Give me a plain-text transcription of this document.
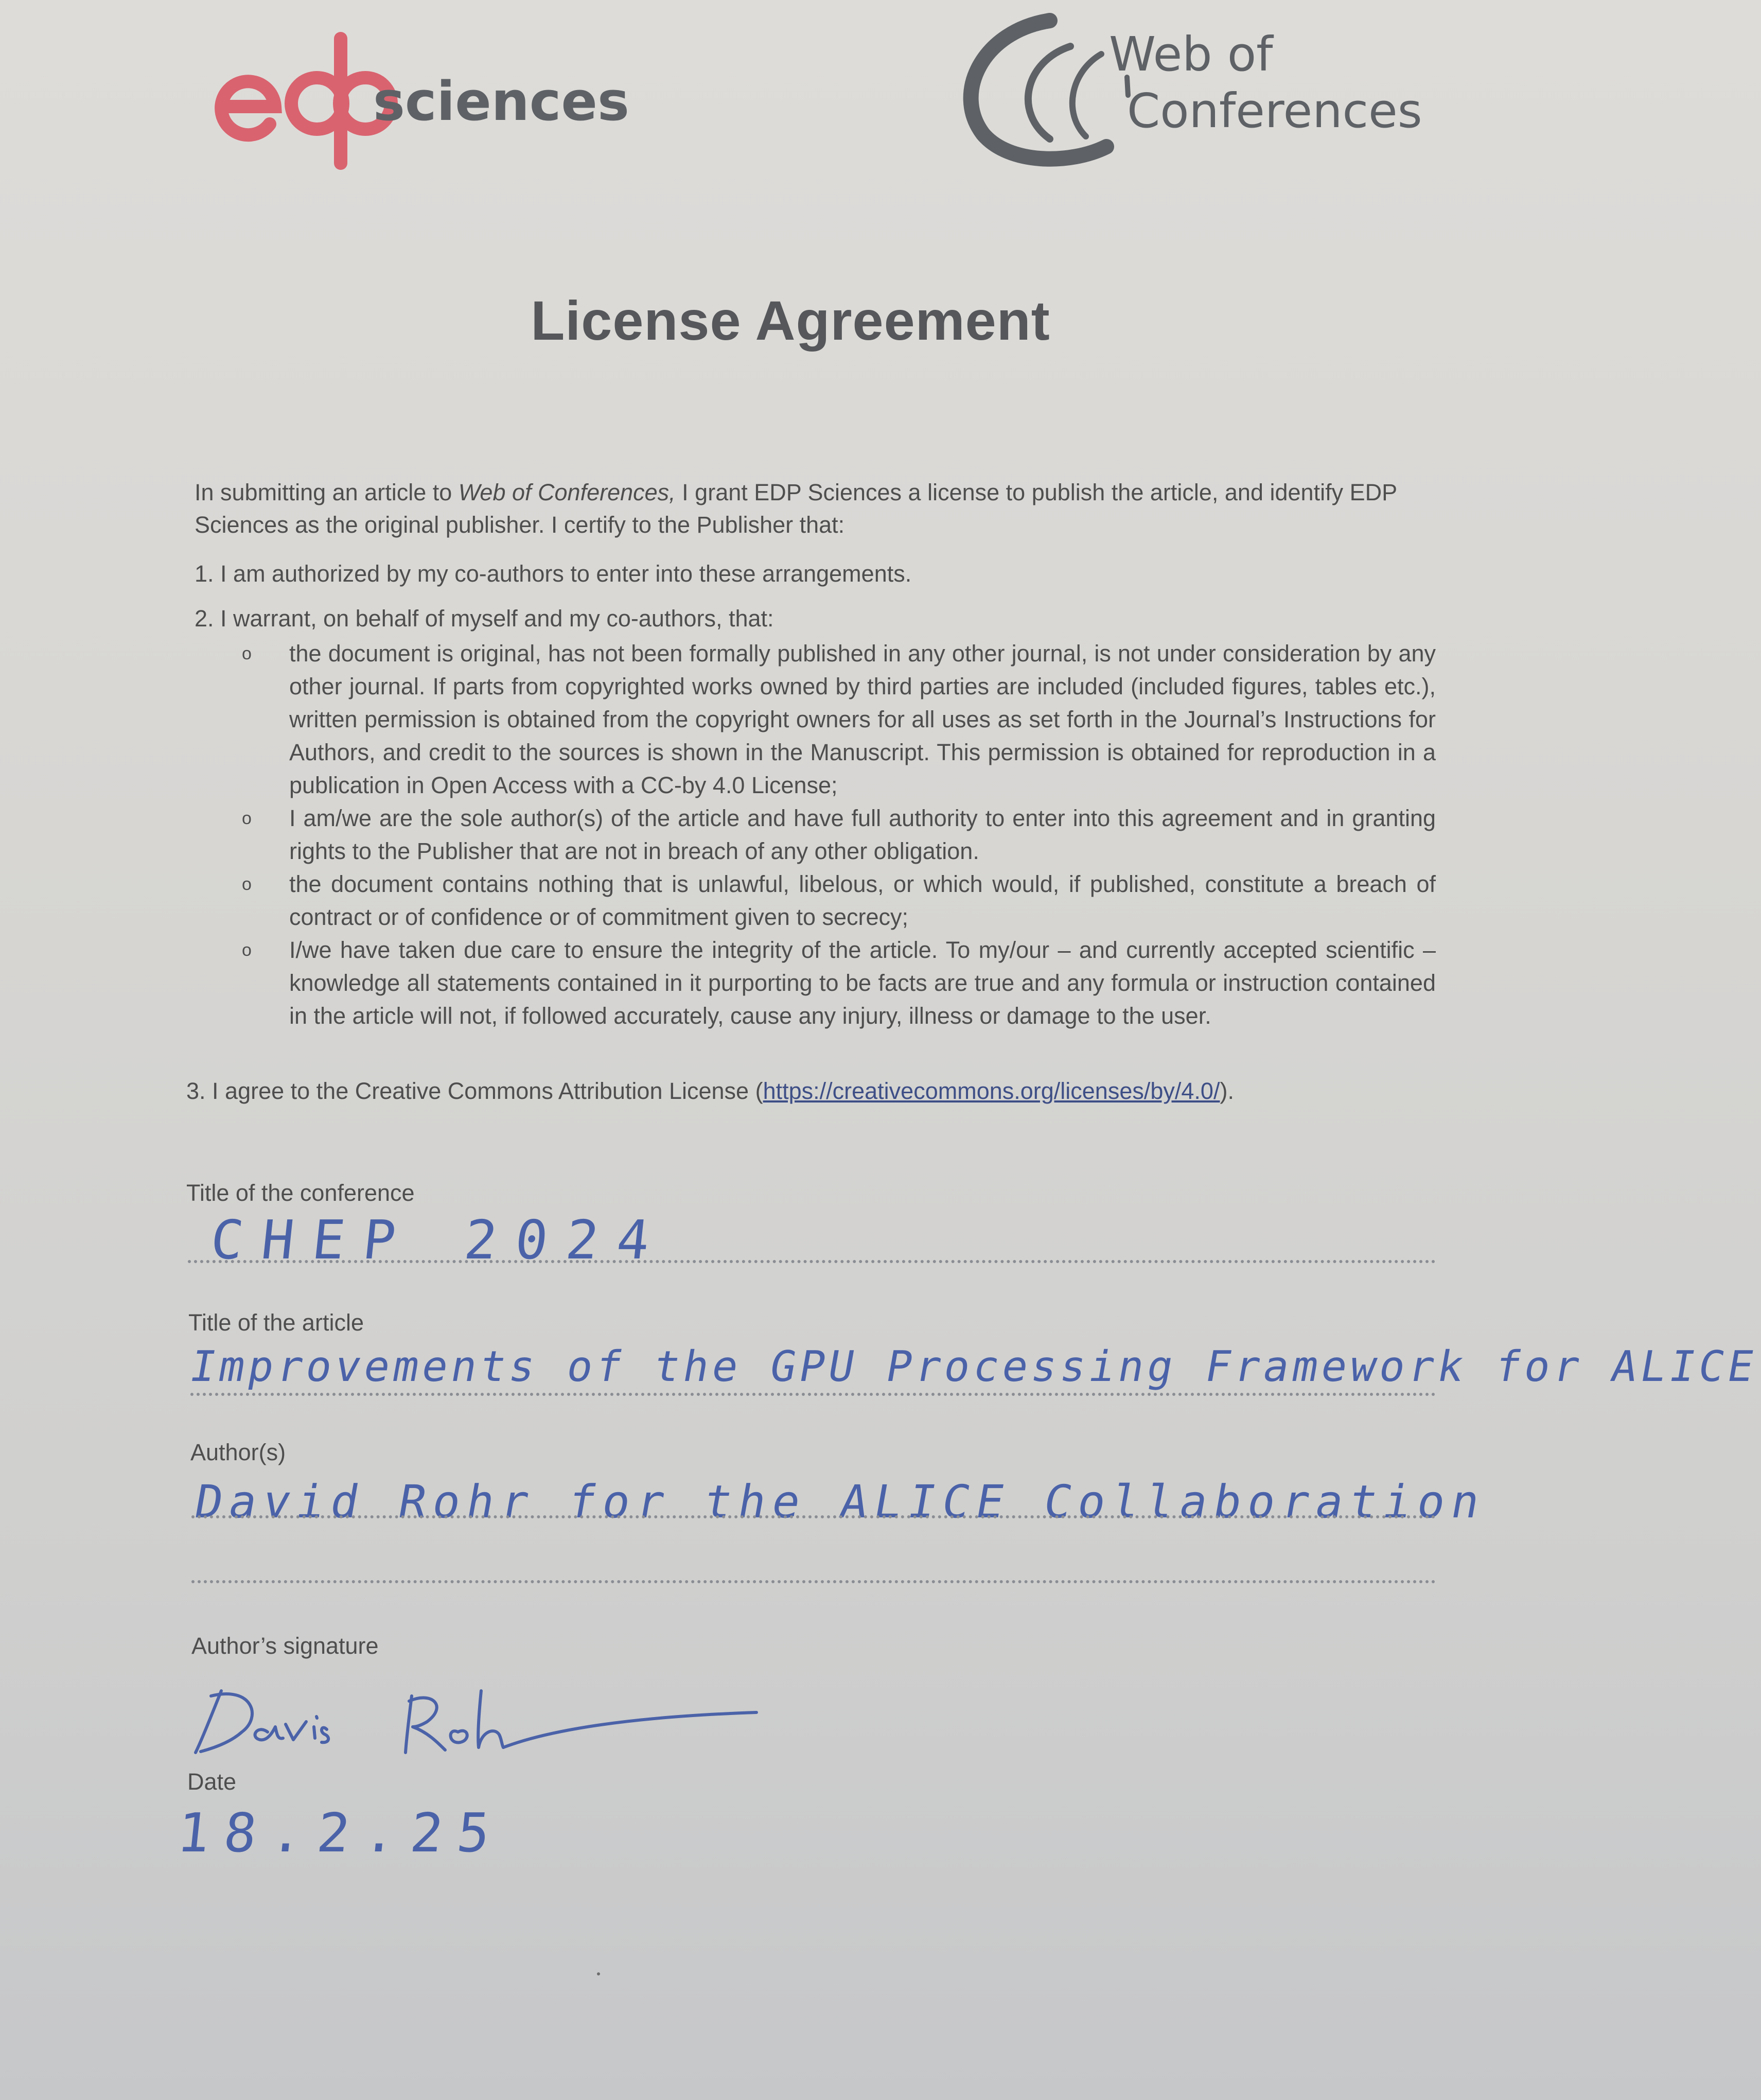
sciences
Web of
Conferences
License Agreement
In submitting an article to Web of Conferences, I grant EDP Sciences a license to publish the article, and identify EDP Sciences as the original publisher. I certify to the Publisher that:
1. I am authorized by my co-authors to enter into these arrangements.
2. I warrant, on behalf of myself and my co-authors, that:
o	the document is original, has not been formally published in any other journal, is not under consideration by any other journal. If parts from copyrighted works owned by third parties are included (included figures, tables etc.), written permission is obtained from the copyright owners for all uses as set forth in the Journal’s Instructions for Authors, and credit to the sources is shown in the Manuscript. This permission is obtained for reproduction in a publication in Open Access with a CC-by 4.0 License;
o	I am/we are the sole author(s) of the article and have full authority to enter into this agreement and in granting rights to the Publisher that are not in breach of any other obligation.
o	the document contains nothing that is unlawful, libelous, or which would, if published, constitute a breach of contract or of confidence or of commitment given to secrecy;
o	I/we have taken due care to ensure the integrity of the article. To my/our – and currently accepted scientific – knowledge all statements contained in it purporting to be facts are true and any formula or instruction contained in the article will not, if followed accurately, cause any injury, illness or damage to the user.
3. I agree to the Creative Commons Attribution License (https://creativecommons.org/licenses/by/4.0/).
Title of the conference
CHEP 2024
Title of the article
Improvements of the GPU Processing Framework for ALICE
Author(s)
David Rohr for the ALICE Collaboration
Author’s signature
Date
18.2.25
